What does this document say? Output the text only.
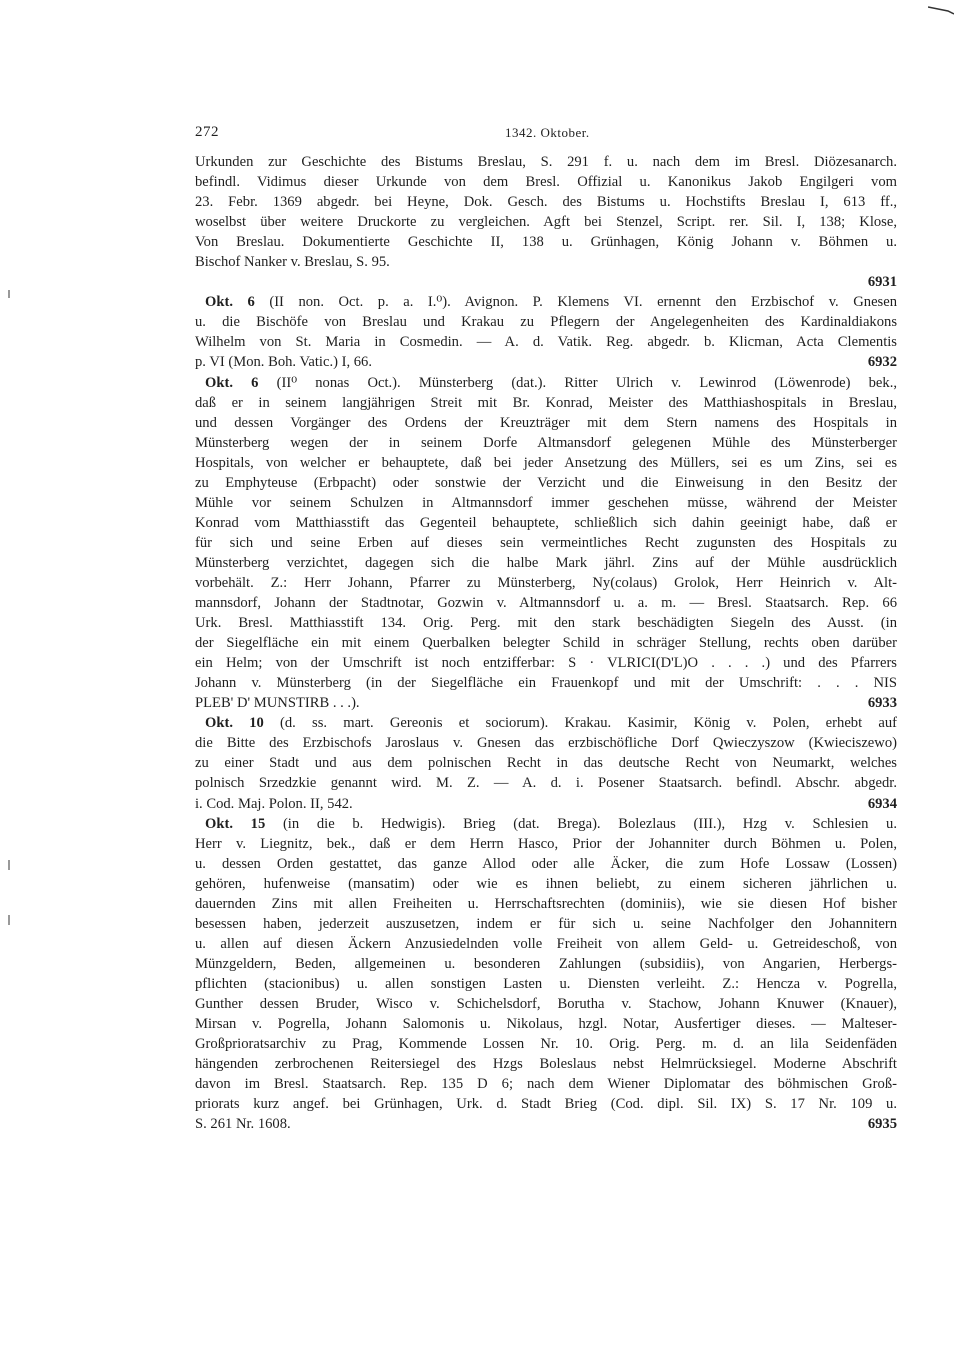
272	1342. Oktober.
Urkunden zur Geschichte des Bistums Breslau, S. 291 f. u. nach dem im Bresl. Diözesanarch.
befindl. Vidimus dieser Urkunde von dem Bresl. Offizial u. Kanonikus Jakob Engilgeri vom
23. Febr. 1369 abgedr. bei Heyne, Dok. Gesch. des Bistums u. Hochstifts Breslau I, 613 ff.,
woselbst über weitere Druckorte zu vergleichen. Agft bei Stenzel, Script. rer. Sil. I, 138; Klose,
Von Breslau. Dokumentierte Geschichte II, 138 u. Grünhagen, König Johann v. Böhmen u.
Bischof Nanker v. Breslau, S. 95.
6931
Okt. 6 (II non. Oct. p. a. I.⁰). Avignon. P. Klemens VI. ernennt den Erzbischof v. Gnesen
u. die Bischöfe von Breslau und Krakau zu Pflegern der Angelegenheiten des Kardinaldiakons
Wilhelm von St. Maria in Cosmedin. — A. d. Vatik. Reg. abgedr. b. Klicman, Acta Clementis
p. VI (Mon. Boh. Vatic.) I, 66.	6932
Okt. 6 (II⁰ nonas Oct.). Münsterberg (dat.). Ritter Ulrich v. Lewinrod (Löwenrode) bek.,
daß er in seinem langjährigen Streit mit Br. Konrad, Meister des Matthiashospitals in Breslau,
und dessen Vorgänger des Ordens der Kreuzträger mit dem Stern namens des Hospitals in
Münsterberg wegen der in seinem Dorfe Altmansdorf gelegenen Mühle des Münsterberger
Hospitals, von welcher er behauptete, daß bei jeder Ansetzung des Müllers, sei es um Zins, sei es
zu Emphyteuse (Erbpacht) oder sonstwie der Verzicht und die Einweisung in den Besitz der
Mühle vor seinem Schulzen in Altmannsdorf immer geschehen müsse, während der Meister
Konrad vom Matthiasstift das Gegenteil behauptete, schließlich sich dahin geeinigt habe, daß er
für sich und seine Erben auf dieses sein vermeintliches Recht zugunsten des Hospitals zu
Münsterberg verzichtet, dagegen sich die halbe Mark jährl. Zins auf der Mühle ausdrücklich
vorbehält. Z.: Herr Johann, Pfarrer zu Münsterberg, Ny(colaus) Grolok, Herr Heinrich v. Alt-
mannsdorf, Johann der Stadtnotar, Gozwin v. Altmannsdorf u. a. m. — Bresl. Staatsarch. Rep. 66
Urk. Bresl. Matthiasstift 134. Orig. Perg. mit den stark beschädigten Siegeln des Ausst. (in
der Siegelfläche ein mit einem Querbalken belegter Schild in schräger Stellung, rechts oben darüber
ein Helm; von der Umschrift ist noch entzifferbar: S · VLRICI(D'L)O . . . .) und des Pfarrers
Johann v. Münsterberg (in der Siegelfläche ein Frauenkopf und mit der Umschrift: . . . NIS
PLEB' D' MUNSTIRB . . .).	6933
Okt. 10 (d. ss. mart. Gereonis et sociorum). Krakau. Kasimir, König v. Polen, erhebt auf
die Bitte des Erzbischofs Jaroslaus v. Gnesen das erzbischöfliche Dorf Qwieczyszow (Kwieciszewo)
zu einer Stadt und aus dem polnischen Recht in das deutsche Recht von Neumarkt, welches
polnisch Srzedzkie genannt wird. M. Z. — A. d. i. Posener Staatsarch. befindl. Abschr. abgedr.
i. Cod. Maj. Polon. II, 542.	6934
Okt. 15 (in die b. Hedwigis). Brieg (dat. Brega). Bolezlaus (III.), Hzg v. Schlesien u.
Herr v. Liegnitz, bek., daß er dem Herrn Hasco, Prior der Johanniter durch Böhmen u. Polen,
u. dessen Orden gestattet, das ganze Allod oder alle Äcker, die zum Hofe Lossaw (Lossen)
gehören, hufenweise (mansatim) oder wie es ihnen beliebt, zu einem sicheren jährlichen u.
dauernden Zins mit allen Freiheiten u. Herrschaftsrechten (dominiis), wie sie diesen Hof bisher
besessen haben, jederzeit auszusetzen, indem er für sich u. seine Nachfolger den Johannitern
u. allen auf diesen Äckern Anzusiedelnden volle Freiheit von allem Geld- u. Getreideschoß, von
Münzgeldern, Beden, allgemeinen u. besonderen Zahlungen (subsidiis), von Angarien, Herbergs-
pflichten (stacionibus) u. allen sonstigen Lasten u. Diensten verleiht. Z.: Hencza v. Pogrella,
Gunther dessen Bruder, Wisco v. Schichelsdorf, Borutha v. Stachow, Johann Knuwer (Knauer),
Mirsan v. Pogrella, Johann Salomonis u. Nikolaus, hzgl. Notar, Ausfertiger dieses. — Malteser-
Großprioratsarchiv zu Prag, Kommende Lossen Nr. 10. Orig. Perg. m. d. an lila Seidenfäden
hängenden zerbrochenen Reitersiegel des Hzgs Boleslaus nebst Helmrücksiegel. Moderne Abschrift
davon im Bresl. Staatsarch. Rep. 135 D 6; nach dem Wiener Diplomatar des böhmischen Groß-
priorats kurz angef. bei Grünhagen, Urk. d. Stadt Brieg (Cod. dipl. Sil. IX) S. 17 Nr. 109 u.
S. 261 Nr. 1608.	6935
